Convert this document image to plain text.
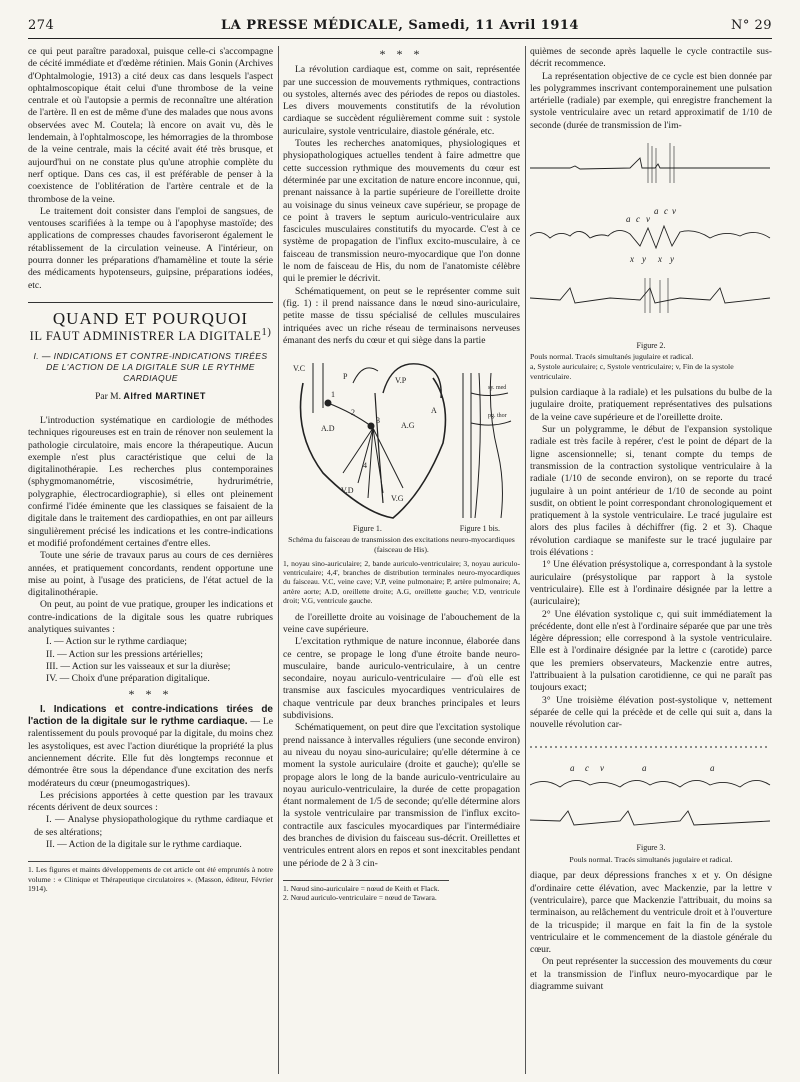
274	LA PRESSE MÉDICALE, Samedi, 11 Avril 1914	N° 29

ce qui peut paraître paradoxal, puisque celle-ci s'accompagne de cécité immédiate et d'œdème rétinien. Mais Gonin (Archives d'Ophtalmologie, 1913) a cité deux cas dans lesquels l'aspect ophtalmoscopique était celui d'une thrombose de la veine centrale et où l'autopsie a permis de reconnaître une altération de l'artère. Il en est de même d'une des malades que nous avons observées avec M. Coutela; là encore on avait vu, dès le lendemain, à l'ophtalmoscope, les hémorragies de la thrombose de la veine centrale, mais la cécité avait été très brusque, et aujourd'hui on ne constate plus qu'une atrophie complète du nerf optique. Dans ces cas, il est préférable de penser à la coexistence de l'oblitération de l'artère centrale et de la thrombose de la veine.

Le traitement doit consister dans l'emploi de sangsues, de ventouses scarifiées à la tempe ou à l'apophyse mastoïde; des applications de compresses chaudes favoriseront également le rétablissement de la circulation veineuse. A l'intérieur, on pourra donner les préparations d'hamamèline et toute la série des médicaments hypotenseurs, guipsine, préparations iodées, etc.

QUAND ET POURQUOI
IL FAUT ADMINISTRER LA DIGITALE$^{1)}$
I. — INDICATIONS ET CONTRE-INDICATIONS TIRÉES DE L'ACTION DE LA DIGITALE SUR LE RYTHME CARDIAQUE
Par M. Alfred MARTINET

L'introduction systématique en cardiologie de méthodes techniques rigoureuses est en train de rénover non seulement la pathologie circulatoire, mais encore la thérapeutique. Aucun exemple n'est plus caractéristique que celui de la digitalinothérapie. Les recherches plus contemporaines (sphygmomanométrie, viscosimétrie, hydrurimétrie, polygraphie, électrocardiographie), si elles ont pleinement confirmé l'idée éminente que les classiques se faisaient de la digitale dans le traitement des cardiopathies, en ont par ailleurs singulièrement précisé les indications et les contre-indications et modifié profondément certaines d'entre elles.

Toute une série de travaux parus au cours de ces dernières années, et pratiquement concordants, rendent opportune une mise au point, à l'usage des praticiens, de l'état actuel de la digitalinothérapie.

On peut, au point de vue pratique, grouper les indications et contre-indications de la digitale sous les quatre rubriques analytiques suivantes :

I. — Action sur le rythme cardiaque;

II. — Action sur les pressions artérielles;

III. — Action sur les vaisseaux et sur la diurèse;

IV. — Choix d'une préparation digitalique.

* * *

I. Indications et contre-indications tirées de l'action de la digitale sur le rythme cardiaque. — Le ralentissement du pouls provoqué par la digitale, du moins chez les asystoliques, est avec l'action diurétique la propriété la plus anciennement décrite. Elle fut dès longtemps reconnue et démontrée être sous la dépendance d'une excitation des nerfs modérateurs du cœur (pneumogastriques).

Les précisions apportées à cette question par les travaux récents dérivent de deux sources :

I. — Analyse physiopathologique du rythme cardiaque et de ses altérations;

II. — Action de la digitale sur le rythme cardiaque.

1. Les figures et maints développements de cet article ont été empruntés à notre volume : « Clinique et Thérapeutique circulatoires ». (Masson, éditeur, Février 1914).

* * *

La révolution cardiaque est, comme on sait, représentée par une succession de mouvements rythmiques, contractions ou systoles, alternés avec des périodes de repos ou diastoles. Les divers mouvements constitutifs de la révolution cardiaque se succèdent régulièrement comme suit : systole auriculaire, systole ventriculaire, diastole générale, etc.

Toutes les recherches anatomiques, physiologiques et physiopathologiques actuelles tendent à faire admettre que cette succession rythmique des mouvements du cœur est déterminée par une excitation de nature encore inconnue, qui, prenant naissance à la partie supérieure de l'oreillette droite au voisinage du sinus veineux cave supérieur, se propage de ce point à travers le septum auriculo-ventriculaire aux fascicules musculaires constitutifs du myocarde. C'est à ce système de propagation de l'influx excito-musculaire, à ce faisceau de transmission neuro-myocardique que l'on donne le nom de faisceau de His, du nom de l'anatomiste célèbre qui le premier le décrivit.

Schématiquement, on peut se le représenter comme suit (fig. 1) : il prend naissance dans le nœud sino-auriculaire, petite masse de tissu spécialisé de cellules musculaires intriquées avec un riche réseau de terminaisons nerveuses émanant des nerfs du cœur et qui siège dans la partie

V.C
P	V.P
A.D	A.G
A
V.D
V.G
1
2
3
4
sy. med
pg. thor
Figure 1.	Figure 1 bis.

Schéma du faisceau de transmission des excitations neuro-myocardiques (faisceau de His).

1, noyau sino-auriculaire; 2, bande auriculo-ventriculaire; 3, noyau auriculo-ventriculaire; 4,4', branches de distribution terminales neuro-myocardiques du faisceau. V.C, veine cave; V.P, veine pulmonaire; P, artère pulmonaire; A, artère aorte; A.D, oreillette droite; A.G, oreillette gauche; V.D, ventricule droit; V.G, ventricule gauche.

de l'oreillette droite au voisinage de l'abouchement de la veine cave supérieure.

L'excitation rythmique de nature inconnue, élaborée dans ce centre, se propage le long d'une étroite bande neuro-musculaire, bande auriculo-ventriculaire, à un centre secondaire, noyau auriculo-ventriculaire — d'où elle est transmise aux fascicules myocardiques ventriculaires de chaque ventricule par deux branches principales et leurs subdivisions.

Schématiquement, on peut dire que l'excitation systolique prend naissance à intervalles réguliers (une seconde environ) au niveau du noyau sino-auriculaire; qu'elle détermine à ce moment la systole auriculaire (droite et gauche); qu'elle se propage alors le long de la bande auriculo-ventriculaire au noyau auriculo-ventriculaire, la durée de cette propagation étant normalement de 1/5 de seconde; qu'elle détermine alors la systole ventriculaire par transmission de l'influx excito-contractile aux fascicules myocardiques par l'intermédiaire des branches de division du faisceau sus-décrit. Oreillettes et ventricules entrent alors en repos et sont inexcitables pendant une période de 2 à 3 cin-

1. Nœud sino-auriculaire = nœud de Keith et Flack.

2. Nœud auriculo-ventriculaire = nœud de Tawara.

quièmes de seconde après laquelle le cycle contractile sus-décrit recommence.

La représentation objective de ce cycle est bien donnée par les polygrammes inscrivant contemporainement une pulsation artérielle (radiale) par exemple, qui enregistre franchement la systole ventriculaire avec un retard approximatif de 1/10 de seconde (durée de transmission de l'im-

a c v
a c v
x y x y
Figure 2.

Pouls normal. Tracés simultanés jugulaire et radical.

a, Systole auriculaire; c, Systole ventriculaire; v, Fin de la systole ventriculaire.

pulsion cardiaque à la radiale) et les pulsations du bulbe de la jugulaire droite, pratiquement représentatives des pulsations de la veine cave supérieure et de l'oreillette droite.

Sur un polygramme, le début de l'expansion systolique radiale est très facile à repérer, c'est le point de départ de la ligne ascensionnelle; si, tenant compte du temps de transmission de la contraction systolique ventriculaire à la radiale (1/10 de seconde environ), on se reporte du tracé jugulaire à un point antérieur de 1/10 de seconde au point susdit, on obtient le point correspondant chronologiquement et pratiquement à la systole ventriculaire. Le tracé jugulaire est alors des plus faciles à déchiffrer (fig. 2 et 3). Chaque révolution cardiaque se manifeste sur le tracé jugulaire par trois élévations :

1° Une élévation présystolique a, correspondant à la systole auriculaire (présystolique par rapport à la systole ventriculaire). Elle est à l'ordinaire désignée par la lettre a (auriculaire);

2° Une élévation systolique c, qui suit immédiatement la précédente, dont elle n'est à l'ordinaire séparée que par une très légère dépression; elle correspond à la systole ventriculaire. Elle est à l'ordinaire désignée par la lettre c (carotide) parce que les premiers observateurs, Mackenzie entre autres, l'attribuaient à la pulsation carotidienne, ce qui ne paraît pas toujours exact;

3° Une troisième élévation post-systolique v, nettement séparée de celle qui la précède et de celle qui suit a, dans la nouvelle révolution car-

a c v	a	a
Figure 3.

Pouls normal. Tracés simultanés jugulaire et radical.

diaque, par deux dépressions franches x et y. On désigne d'ordinaire cette élévation, avec Mackenzie, par la lettre v (ventriculaire), parce que Mackenzie l'attribuait, du moins sa terminaison, au relâchement du ventricule droit et à l'ouverture de la tricuspide; il marque en fait la fin de la systole ventriculaire et le commencement de la diastole générale du cœur.

On peut représenter la succession des mouvements du cœur et la transmission de l'influx neuro-myocardique par le diagramme suivant
